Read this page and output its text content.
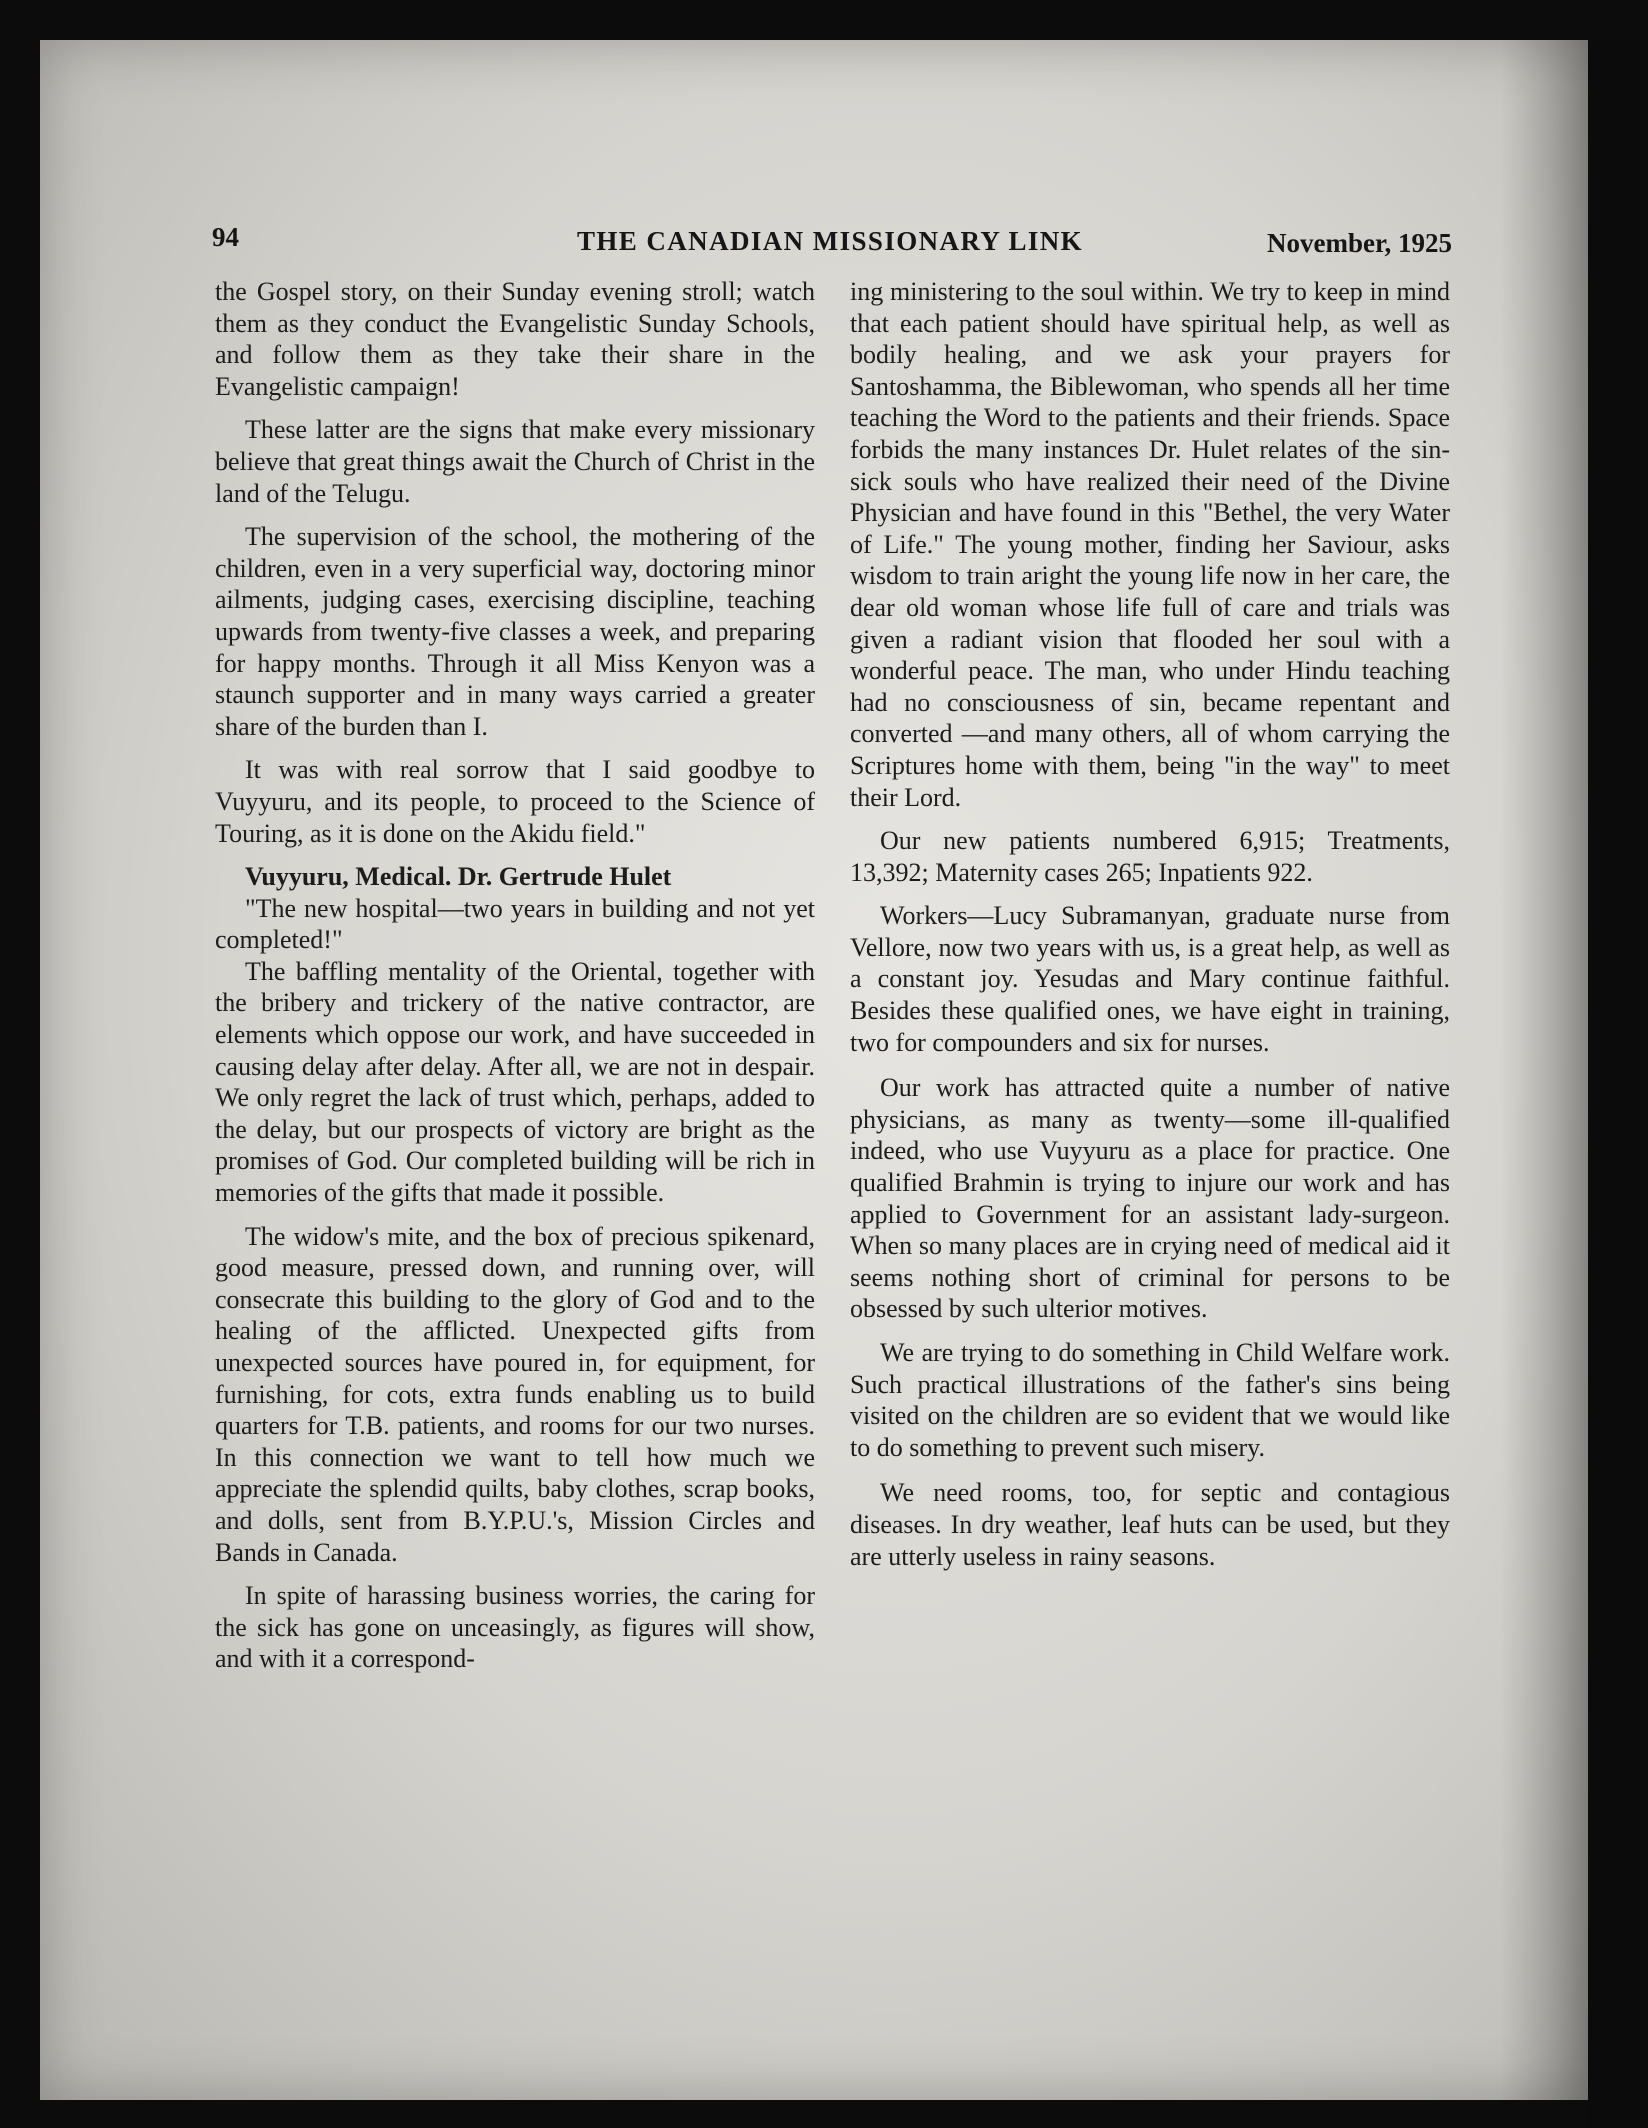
94	THE CANADIAN MISSIONARY LINK	November, 1925

the Gospel story, on their Sunday evening stroll; watch them as they conduct the Evangelistic Sunday Schools, and follow them as they take their share in the Evangelistic campaign!

These latter are the signs that make every missionary believe that great things await the Church of Christ in the land of the Telugu.

The supervision of the school, the mothering of the children, even in a very superficial way, doctoring minor ailments, judging cases, exercising discipline, teaching upwards from twenty-five classes a week, and preparing for happy months. Through it all Miss Kenyon was a staunch supporter and in many ways carried a greater share of the burden than I.

It was with real sorrow that I said goodbye to Vuyyuru, and its people, to proceed to the Science of Touring, as it is done on the Akidu field."

Vuyyuru, Medical. Dr. Gertrude Hulet

"The new hospital—two years in building and not yet completed!"

The baffling mentality of the Oriental, together with the bribery and trickery of the native contractor, are elements which oppose our work, and have succeeded in causing delay after delay. After all, we are not in despair. We only regret the lack of trust which, perhaps, added to the delay, but our prospects of victory are bright as the promises of God. Our completed building will be rich in memories of the gifts that made it possible.

The widow's mite, and the box of precious spikenard, good measure, pressed down, and running over, will consecrate this building to the glory of God and to the healing of the afflicted. Unexpected gifts from unexpected sources have poured in, for equipment, for furnishing, for cots, extra funds enabling us to build quarters for T.B. patients, and rooms for our two nurses. In this connection we want to tell how much we appreciate the splendid quilts, baby clothes, scrap books, and dolls, sent from B.Y.P.U.'s, Mission Circles and Bands in Canada.

In spite of harassing business worries, the caring for the sick has gone on unceasingly, as figures will show, and with it a correspond-

ing ministering to the soul within. We try to keep in mind that each patient should have spiritual help, as well as bodily healing, and we ask your prayers for Santoshamma, the Biblewoman, who spends all her time teaching the Word to the patients and their friends. Space forbids the many instances Dr. Hulet relates of the sin-sick souls who have realized their need of the Divine Physician and have found in this "Bethel, the very Water of Life." The young mother, finding her Saviour, asks wisdom to train aright the young life now in her care, the dear old woman whose life full of care and trials was given a radiant vision that flooded her soul with a wonderful peace. The man, who under Hindu teaching had no consciousness of sin, became repentant and converted —and many others, all of whom carrying the Scriptures home with them, being "in the way" to meet their Lord.

Our new patients numbered 6,915; Treatments, 13,392; Maternity cases 265; Inpatients 922.

Workers—Lucy Subramanyan, graduate nurse from Vellore, now two years with us, is a great help, as well as a constant joy. Yesudas and Mary continue faithful. Besides these qualified ones, we have eight in training, two for compounders and six for nurses.

Our work has attracted quite a number of native physicians, as many as twenty—some ill-qualified indeed, who use Vuyyuru as a place for practice. One qualified Brahmin is trying to injure our work and has applied to Government for an assistant lady-surgeon. When so many places are in crying need of medical aid it seems nothing short of criminal for persons to be obsessed by such ulterior motives.

We are trying to do something in Child Welfare work. Such practical illustrations of the father's sins being visited on the children are so evident that we would like to do something to prevent such misery.

We need rooms, too, for septic and contagious diseases. In dry weather, leaf huts can be used, but they are utterly useless in rainy seasons.
